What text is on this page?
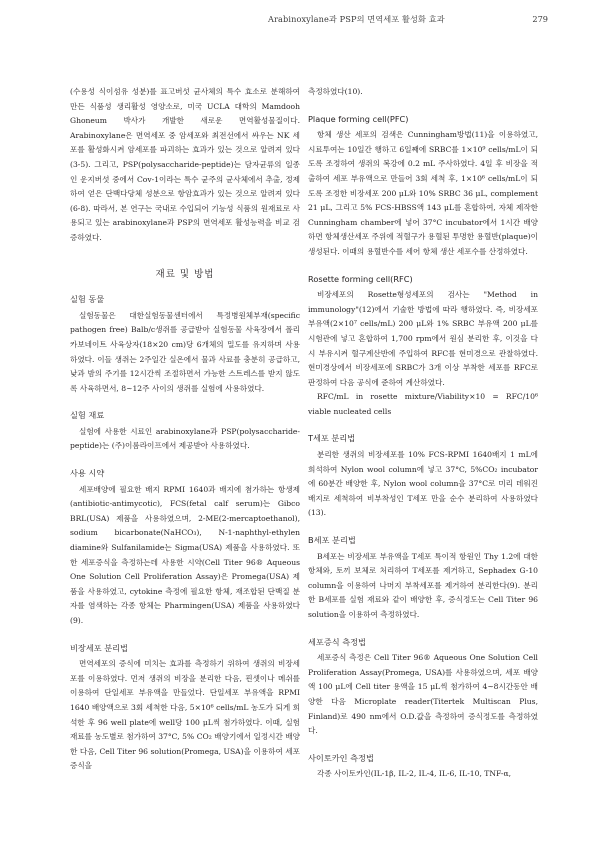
Arabinoxylane과 PSP의 면역세포 활성화 효과	279

(수용성 식이섬유 성분)를 표고버섯 균사체의 특수 효소로 분해하여 만든 식품성 생리활성 영양소로, 미국 UCLA 대학의 Mamdooh Ghoneum 박사가 개발한 새로운 면역활성물질이다. Arabinoxylane은 면역세포 중 암세포와 최전선에서 싸우는 NK 세포를 활성화시켜 암세포를 파괴하는 효과가 있는 것으로 알려져 있다(3-5). 그리고, PSP(polysaccharide-peptide)는 담자균류의 일종인 운지버섯 중에서 Cov-1이라는 특수 균주의 균사체에서 추출, 정제하여 얻은 단백다당체 성분으로 항암효과가 있는 것으로 알려져 있다(6-8). 따라서, 본 연구는 국내로 수입되어 기능성 식품의 원재료로 사용되고 있는 arabinoxylane과 PSP의 면역세포 활성능력을 비교 검증하였다.

재료 및 방법
실험 동물

실험동물은 대한실험동물센터에서 특정병원체부재(specific pathogen free) Balb/c생쥐를 공급받아 실험동물 사육장에서 폴리카보네이트 사육상자(18×20 cm)당 6개체의 밀도를 유지하며 사용하였다. 이들 생쥐는 2주일간 실온에서 물과 사료를 충분히 공급하고, 낮과 밤의 주기를 12시간씩 조절하면서 가능한 스트레스를 받지 않도록 사육하면서, 8~12주 사이의 생쥐를 실험에 사용하였다.

실험 재료

실험에 사용한 시료인 arabinoxylane과 PSP(polysaccharide-peptide)는 (주)이롬라이프에서 제공받아 사용하였다.

사용 시약

세포배양에 필요한 배지 RPMI 1640과 배지에 첨가하는 항생제(antibiotic-antimycotic), FCS(fetal calf serum)는 Gibco BRL(USA) 제품을 사용하였으며, 2-ME(2-mercaptoethanol), sodium bicarbonate(NaHCO₃), N-1-naphthyl-ethylen diamine와 Sulfanilamide는 Sigma(USA) 제품을 사용하였다. 또한 세포증식을 측정하는데 사용한 시약(Cell Titer 96® Aqueous One Solution Cell Proliferation Assay)은 Promega(USA) 제품을 사용하였고, cytokine 측정에 필요한 항체, 재조합된 단백질 분자를 염색하는 각종 항체는 Pharmingen(USA) 제품을 사용하였다(9).

비장세포 분리법

면역세포의 증식에 미치는 효과를 측정하기 위하여 생쥐의 비장세포를 이용하였다. 먼저 생쥐의 비장을 분리한 다음, 핀셋이나 메쉬를 이용하여 단일세포 부유액을 만들었다. 단일세포 부유액을 RPMI 1640 배양액으로 3회 세척한 다음, 5×10⁶ cells/mL 농도가 되게 희석한 후 96 well plate에 well당 100 μL씩 첨가하였다. 이때, 실험 재료를 농도별로 첨가하여 37°C, 5% CO₂ 배양기에서 일정시간 배양한 다음, Cell Titer 96 solution(Promega, USA)을 이용하여 세포증식을

측정하였다(10).

Plaque forming cell(PFC)

항체 생산 세포의 검색은 Cunningham방법(11)을 이용하였고, 시료투여는 10일간 행하고 6일째에 SRBC를 1×10⁹ cells/mL이 되도록 조정하여 생쥐의 복강에 0.2 mL 주사하였다. 4일 후 비장을 적출하여 세포 부유액으로 만들어 3회 세척 후, 1×10⁶ cells/mL이 되도록 조정한 비장세포 200 μL와 10% SRBC 36 μL, complement 21 μL, 그리고 5% FCS-HBSS액 143 μL를 혼합하여, 자체 제작한 Cunningham chamber에 넣어 37°C incubator에서 1시간 배양하면 항체생산세포 주위에 적혈구가 용혈된 투명한 용혈반(plaque)이 생성된다. 이때의 용혈반수를 세어 항체 생산 세포수를 산정하였다.

Rosette forming cell(RFC)

비장세포의 Rosette형성세포의 검사는 "Method in immunology"(12)에서 기술한 방법에 따라 행하였다. 즉, 비장세포 부유액(2×10⁷ cells/mL) 200 μL와 1% SRBC 부유액 200 μL를 시험관에 넣고 혼합하여 1,700 rpm에서 원심 분리한 후, 이것을 다시 부유시켜 혈구계산반에 주입하여 RFC를 현미경으로 관찰하였다. 현미경상에서 비장세포에 SRBC가 3개 이상 부착한 세포를 RFC로 판정하여 다음 공식에 준하여 계산하였다.

RFC/mL in rosette mixture/Viability×10 = RFC/10⁶ viable nucleated cells

T세포 분리법

분리한 생쥐의 비장세포를 10% FCS-RPMI 1640배지 1 mL에 희석하여 Nylon wool column에 넣고 37°C, 5%CO₂ incubator에 60분간 배양한 후, Nylon wool column을 37°C로 미리 데워진 배지로 세척하여 비부착성인 T세포 만을 순수 분리하여 사용하였다(13).

B세포 분리법

B세포는 비장세포 부유액을 T세포 특이적 항원인 Thy 1.2에 대한 항체와, 토끼 보체로 처리하여 T세포를 제거하고, Sephadex G-10 column을 이용하여 나머지 부착세포를 제거하여 분리한다(9). 분리한 B세포를 실험 재료와 같이 배양한 후, 증식정도는 Cell Titer 96 solution을 이용하여 측정하였다.

세포증식 측정법

세포증식 측정은 Cell Titer 96® Aqueous One Solution Cell Proliferation Assay(Promega, USA)를 사용하였으며, 세포 배양액 100 μL에 Cell titer 용액을 15 μL씩 첨가하여 4~8시간동안 배양한 다음 Microplate reader(Titertek Multiscan Plus, Finland)로 490 nm에서 O.D.값을 측정하여 증식정도를 측정하였다.

사이토카인 측정법

각종 사이토카인(IL-1β, IL-2, IL-4, IL-6, IL-10, TNF-α,
